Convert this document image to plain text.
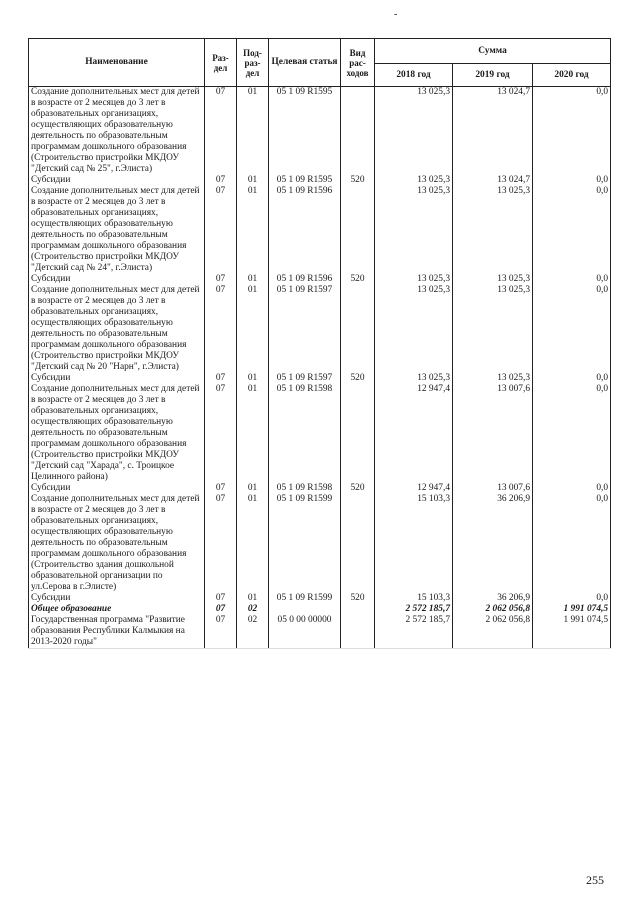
-
Наименование	Раз-дел	Под-раз-дел	Целевая статья	Вид рас-ходов	Сумма		
					2018 год	2019 год	2020 год
Создание дополнительных мест для детей в возрасте от 2 месяцев до 3 лет в образовательных организациях, осуществляющих образовательную деятельность по образовательным программам дошкольного образования (Строительство пристройки МКДОУ "Детский сад № 25", г.Элиста)	07	01	05 1 09 R1595		13 025,3	13 024,7	0,0
Субсидии	07	01	05 1 09 R1595	520	13 025,3	13 024,7	0,0
Создание дополнительных мест для детей в возрасте от 2 месяцев до 3 лет в образовательных организациях, осуществляющих образовательную деятельность по образовательным программам дошкольного образования (Строительство пристройки МКДОУ "Детский сад № 24", г.Элиста)	07	01	05 1 09 R1596		13 025,3	13 025,3	0,0
Субсидии	07	01	05 1 09 R1596	520	13 025,3	13 025,3	0,0
Создание дополнительных мест для детей в возрасте от 2 месяцев до 3 лет в образовательных организациях, осуществляющих образовательную деятельность по образовательным программам дошкольного образования (Строительство пристройки МКДОУ "Детский сад № 20 "Нарн", г.Элиста)	07	01	05 1 09 R1597		13 025,3	13 025,3	0,0
Субсидии	07	01	05 1 09 R1597	520	13 025,3	13 025,3	0,0
Создание дополнительных мест для детей в возрасте от 2 месяцев до 3 лет в образовательных организациях, осуществляющих образовательную деятельность по образовательным программам дошкольного образования (Строительство пристройки МКДОУ "Детский сад "Харада", с. Троицкое Целинного района)	07	01	05 1 09 R1598		12 947,4	13 007,6	0,0
Субсидии	07	01	05 1 09 R1598	520	12 947,4	13 007,6	0,0
Создание дополнительных мест для детей в возрасте от 2 месяцев до 3 лет в образовательных организациях, осуществляющих образовательную деятельность по образовательным программам дошкольного образования (Строительство здания дошкольной образовательной организации по ул.Серова в г.Элисте)	07	01	05 1 09 R1599		15 103,3	36 206,9	0,0
Субсидии	07	01	05 1 09 R1599	520	15 103,3	36 206,9	0,0
Общее образование	07	02			2 572 185,7	2 062 056,8	1 991 074,5
Государственная программа "Развитие образования Республики Калмыкия на 2013-2020 годы"	07	02	05 0 00 00000		2 572 185,7	2 062 056,8	1 991 074,5
255
